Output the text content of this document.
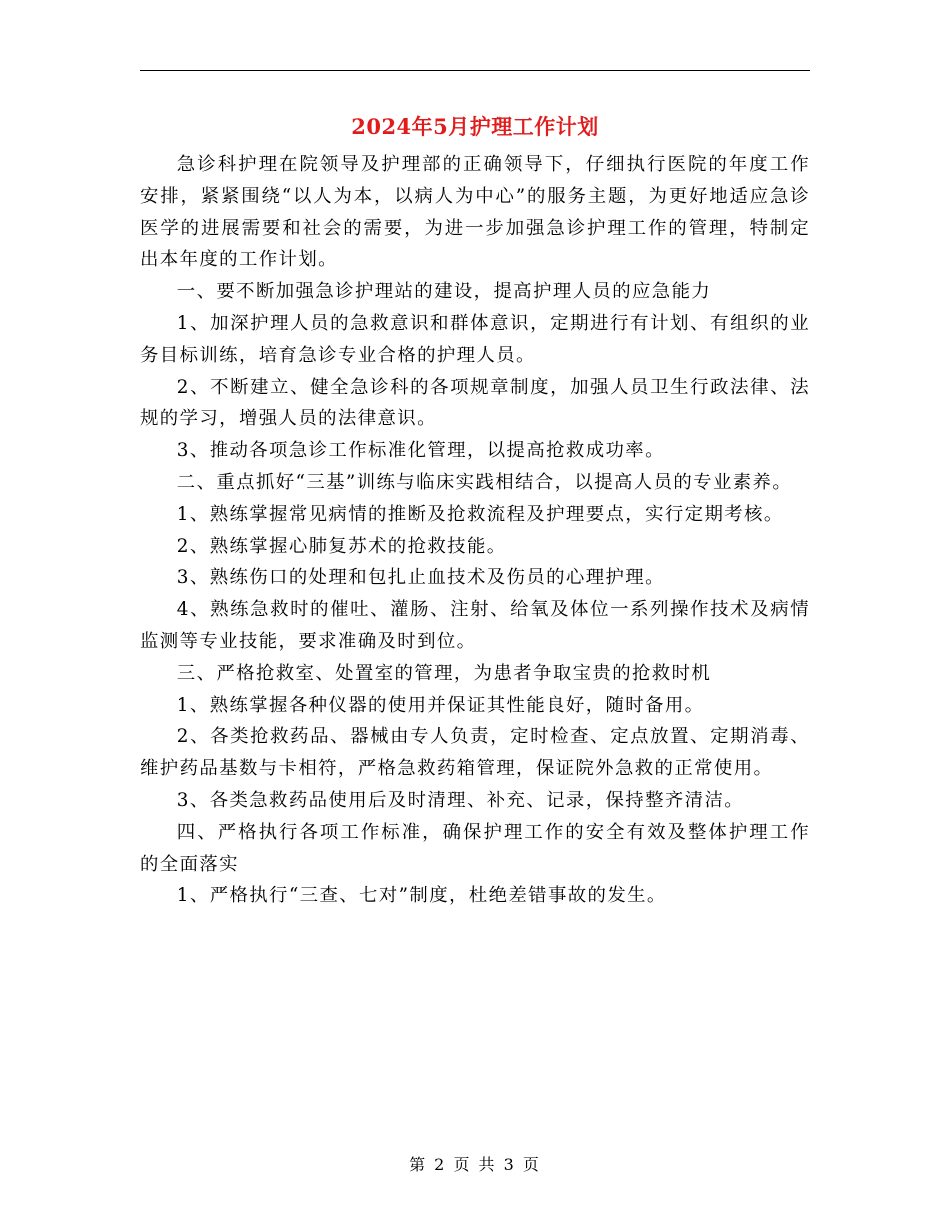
2024年5月护理工作计划

急诊科护理在院领导及护理部的正确领导下，仔细执行医院的年度工作安排，紧紧围绕“以人为本，以病人为中心”的服务主题，为更好地适应急诊医学的进展需要和社会的需要，为进一步加强急诊护理工作的管理，特制定出本年度的工作计划。

一、要不断加强急诊护理站的建设，提高护理人员的应急能力

1、加深护理人员的急救意识和群体意识，定期进行有计划、有组织的业务目标训练，培育急诊专业合格的护理人员。

2、不断建立、健全急诊科的各项规章制度，加强人员卫生行政法律、法规的学习，增强人员的法律意识。

3、推动各项急诊工作标准化管理，以提高抢救成功率。

二、重点抓好“三基”训练与临床实践相结合，以提高人员的专业素养。

1、熟练掌握常见病情的推断及抢救流程及护理要点，实行定期考核。

2、熟练掌握心肺复苏术的抢救技能。

3、熟练伤口的处理和包扎止血技术及伤员的心理护理。

4、熟练急救时的催吐、灌肠、注射、给氧及体位一系列操作技术及病情监测等专业技能，要求准确及时到位。

三、严格抢救室、处置室的管理，为患者争取宝贵的抢救时机

1、熟练掌握各种仪器的使用并保证其性能良好，随时备用。

2、各类抢救药品、器械由专人负责，定时检查、定点放置、定期消毒、维护药品基数与卡相符，严格急救药箱管理，保证院外急救的正常使用。

3、各类急救药品使用后及时清理、补充、记录，保持整齐清洁。

四、严格执行各项工作标准，确保护理工作的安全有效及整体护理工作的全面落实

1、严格执行“三查、七对”制度，杜绝差错事故的发生。

第 2 页 共 3 页
